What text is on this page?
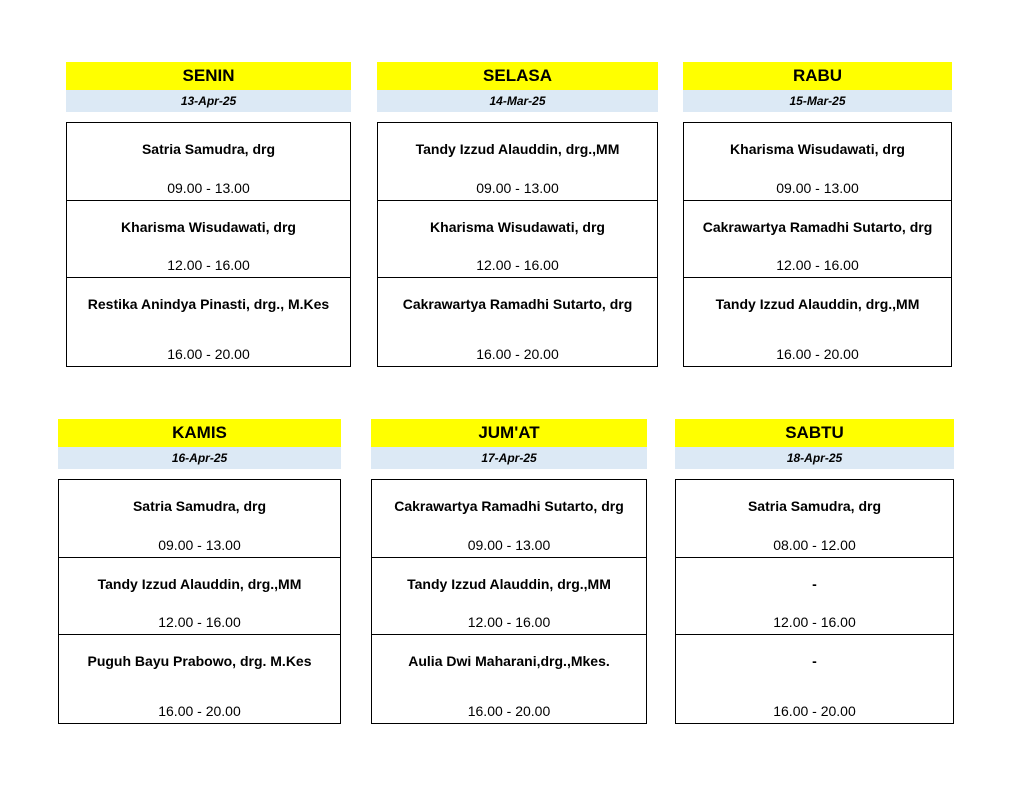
SENIN
13-Apr-25
Satria Samudra, drg
09.00 - 13.00
Kharisma Wisudawati, drg
12.00 - 16.00
Restika Anindya Pinasti, drg., M.Kes
16.00 - 20.00
SELASA
14-Mar-25
Tandy Izzud Alauddin, drg.,MM
09.00 - 13.00
Kharisma Wisudawati, drg
12.00 - 16.00
Cakrawartya Ramadhi Sutarto, drg
16.00 - 20.00
RABU
15-Mar-25
Kharisma Wisudawati, drg
09.00 - 13.00
Cakrawartya Ramadhi Sutarto, drg
12.00 - 16.00
Tandy Izzud Alauddin, drg.,MM
16.00 - 20.00
KAMIS
16-Apr-25
Satria Samudra, drg
09.00 - 13.00
Tandy Izzud Alauddin, drg.,MM
12.00 - 16.00
Puguh Bayu Prabowo, drg. M.Kes
16.00 - 20.00
JUM'AT
17-Apr-25
Cakrawartya Ramadhi Sutarto, drg
09.00 - 13.00
Tandy Izzud Alauddin, drg.,MM
12.00 - 16.00
Aulia Dwi Maharani,drg.,Mkes.
16.00 - 20.00
SABTU
18-Apr-25
Satria Samudra, drg
08.00 - 12.00
-
12.00 - 16.00
-
16.00 - 20.00
